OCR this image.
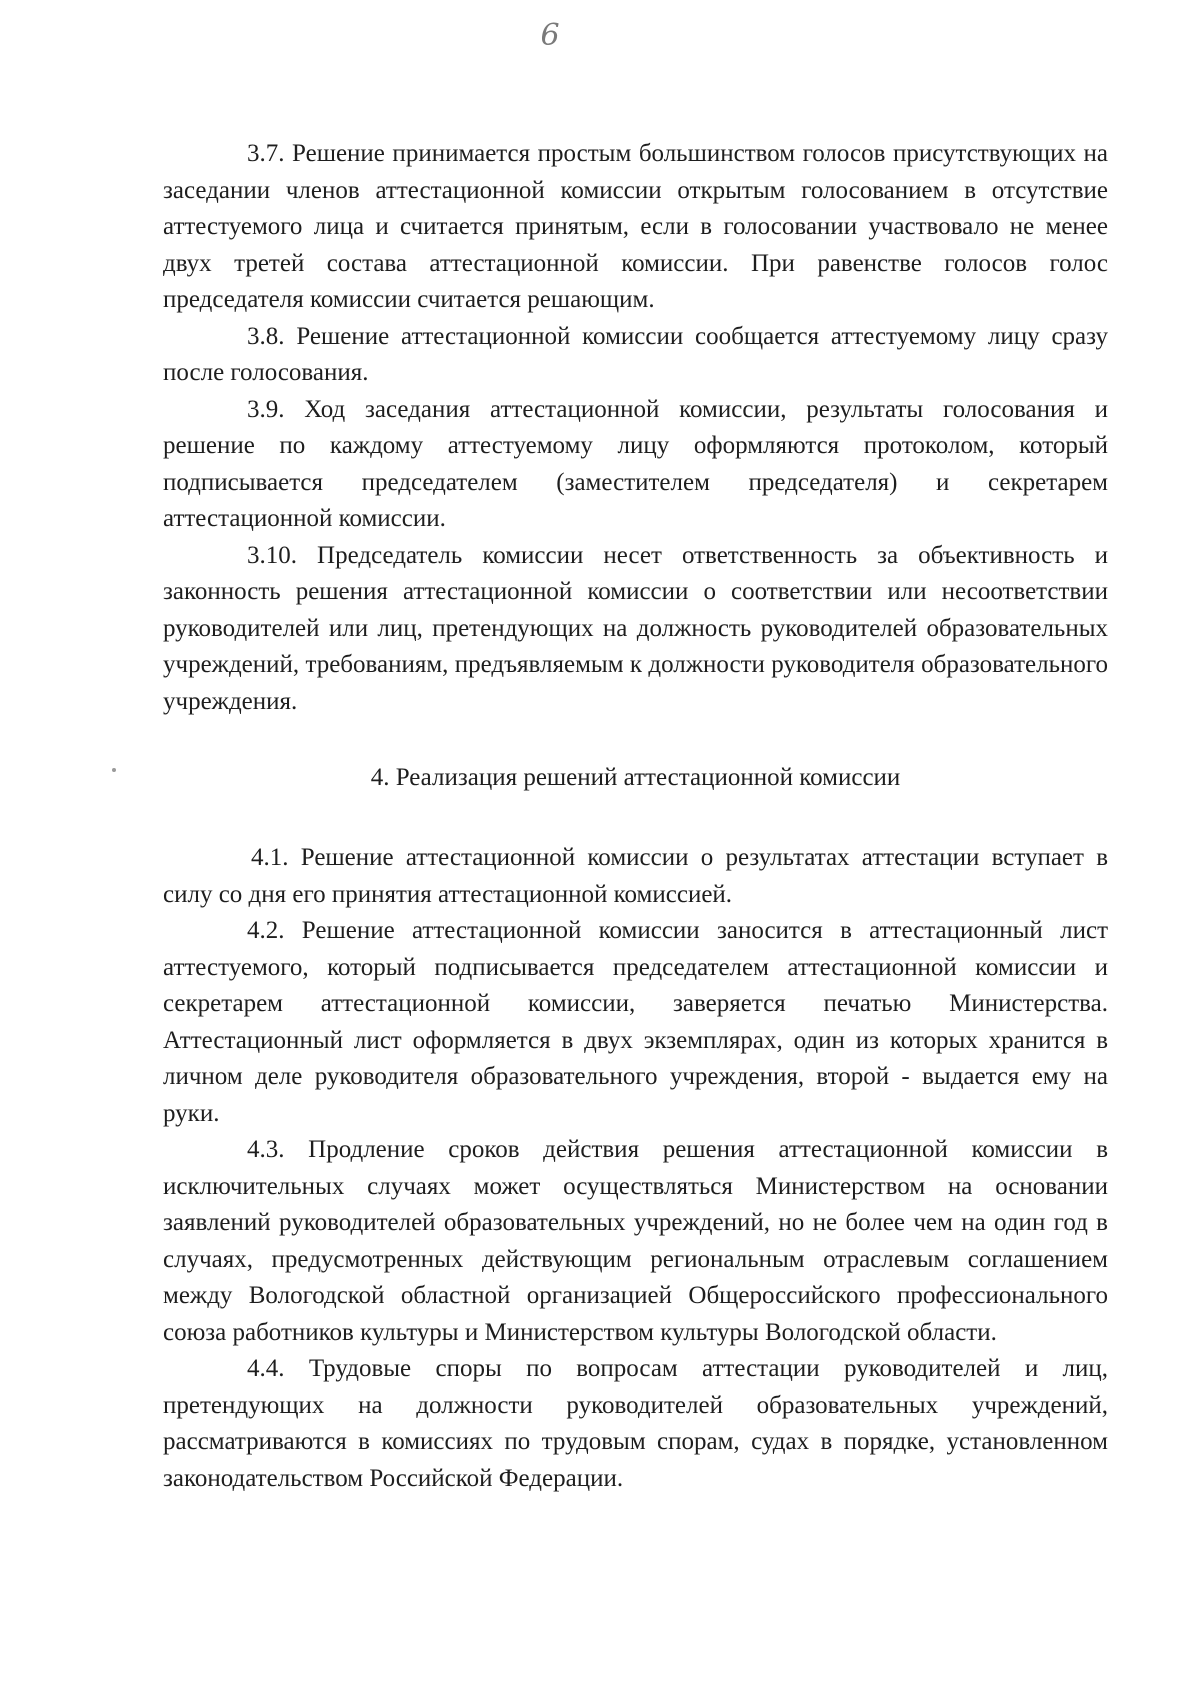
6

3.7. Решение принимается простым большинством голосов присутствующих на заседании членов аттестационной комиссии открытым голосованием в отсутствие аттестуемого лица и считается принятым, если в голосовании участвовало не менее двух третей состава аттестационной комиссии. При равенстве голосов голос председателя комиссии считается решающим.

3.8. Решение аттестационной комиссии сообщается аттестуемому лицу сразу после голосования.

3.9. Ход заседания аттестационной комиссии, результаты голосования и решение по каждому аттестуемому лицу оформляются протоколом, который подписывается председателем (заместителем председателя) и секретарем аттестационной комиссии.

3.10. Председатель комиссии несет ответственность за объективность и законность решения аттестационной комиссии о соответствии или несоответствии руководителей или лиц, претендующих на должность руководителей образовательных учреждений, требованиям, предъявляемым к должности руководителя образовательного учреждения.

4. Реализация решений аттестационной комиссии

4.1. Решение аттестационной комиссии о результатах аттестации вступает в силу со дня его принятия аттестационной комиссией.

4.2. Решение аттестационной комиссии заносится в аттестационный лист аттестуемого, который подписывается председателем аттестационной комиссии и секретарем аттестационной комиссии, заверяется печатью Министерства. Аттестационный лист оформляется в двух экземплярах, один из которых хранится в личном деле руководителя образовательного учреждения, второй - выдается ему на руки.

4.3. Продление сроков действия решения аттестационной комиссии в исключительных случаях может осуществляться Министерством на основании заявлений руководителей образовательных учреждений, но не более чем на один год в случаях, предусмотренных действующим региональным отраслевым соглашением между Вологодской областной организацией Общероссийского профессионального союза работников культуры и Министерством культуры Вологодской области.

4.4. Трудовые споры по вопросам аттестации руководителей и лиц, претендующих на должности руководителей образовательных учреждений, рассматриваются в комиссиях по трудовым спорам, судах в порядке, установленном законодательством Российской Федерации.
